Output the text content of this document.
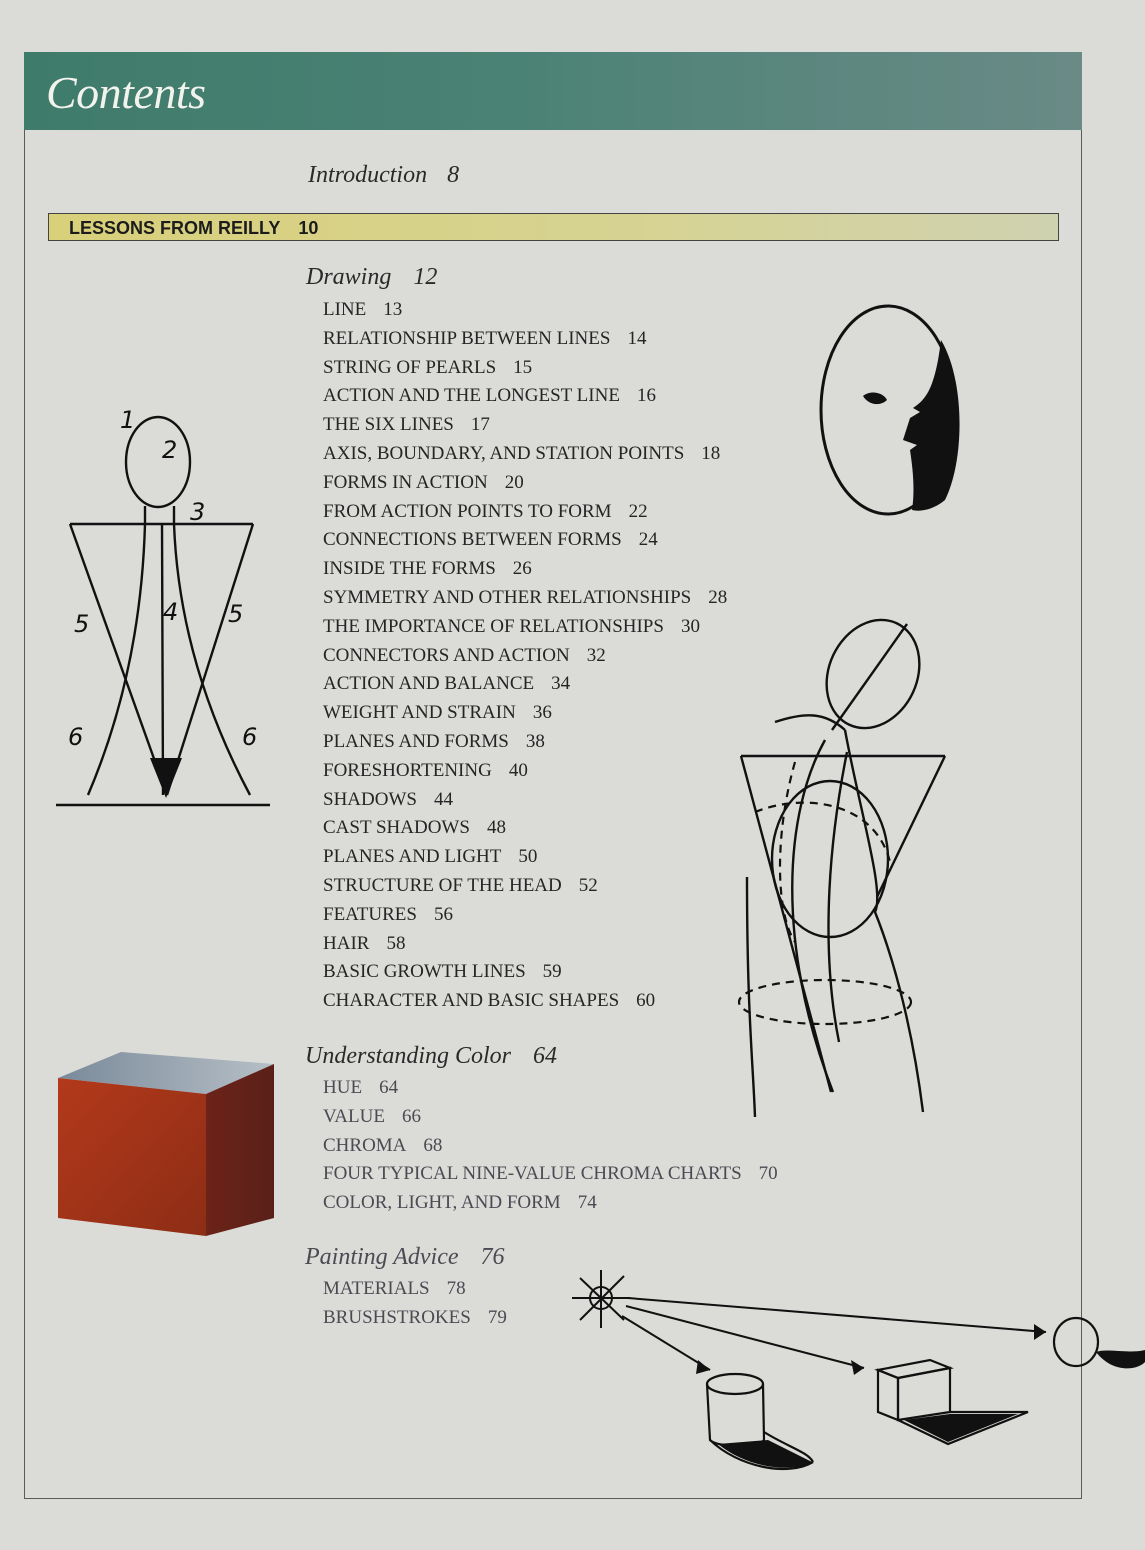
Contents
Introduction 8
LESSONS FROM REILLY 10
Drawing 12
LINE 13
RELATIONSHIP BETWEEN LINES 14
STRING OF PEARLS 15
ACTION AND THE LONGEST LINE 16
THE SIX LINES 17
AXIS, BOUNDARY, AND STATION POINTS 18
FORMS IN ACTION 20
FROM ACTION POINTS TO FORM 22
CONNECTIONS BETWEEN FORMS 24
INSIDE THE FORMS 26
SYMMETRY AND OTHER RELATIONSHIPS 28
THE IMPORTANCE OF RELATIONSHIPS 30
CONNECTORS AND ACTION 32
ACTION AND BALANCE 34
WEIGHT AND STRAIN 36
PLANES AND FORMS 38
FORESHORTENING 40
SHADOWS 44
CAST SHADOWS 48
PLANES AND LIGHT 50
STRUCTURE OF THE HEAD 52
FEATURES 56
HAIR 58
BASIC GROWTH LINES 59
CHARACTER AND BASIC SHAPES 60
Understanding Color 64
HUE 64
VALUE 66
CHROMA 68
FOUR TYPICAL NINE-VALUE CHROMA CHARTS 70
COLOR, LIGHT, AND FORM 74
Painting Advice 76
MATERIALS 78
BRUSHSTROKES 79
1
2
3
4
5	5
6	6
